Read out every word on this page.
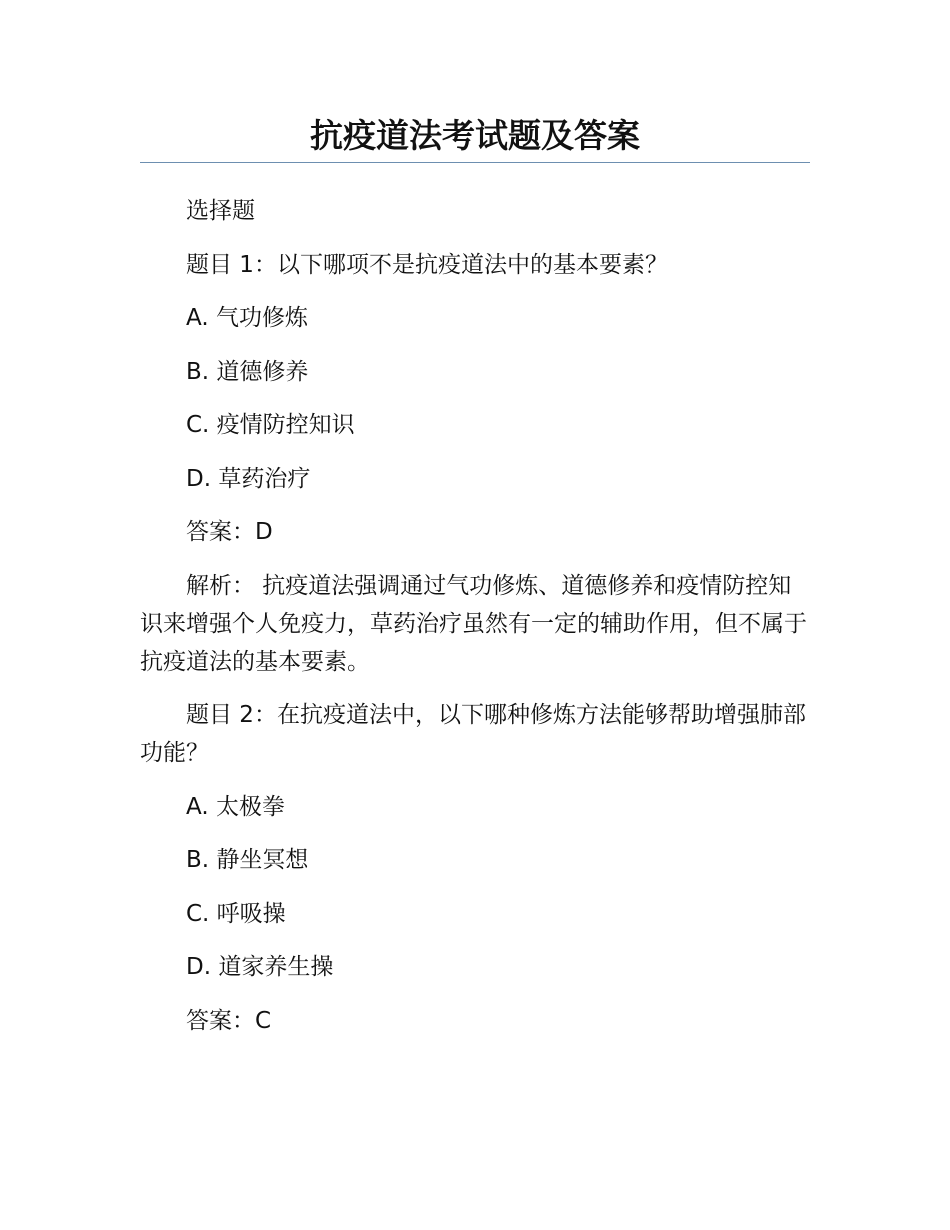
抗疫道法考试题及答案

选择题

题目 1：以下哪项不是抗疫道法中的基本要素？

A. 气功修炼

B. 道德修养

C. 疫情防控知识

D. 草药治疗

答案：D

解析： 抗疫道法强调通过气功修炼、道德修养和疫情防控知识来增强个人免疫力，草药治疗虽然有一定的辅助作用，但不属于抗疫道法的基本要素。

题目 2：在抗疫道法中，以下哪种修炼方法能够帮助增强肺部功能？

A. 太极拳

B. 静坐冥想

C. 呼吸操

D. 道家养生操

答案：C
